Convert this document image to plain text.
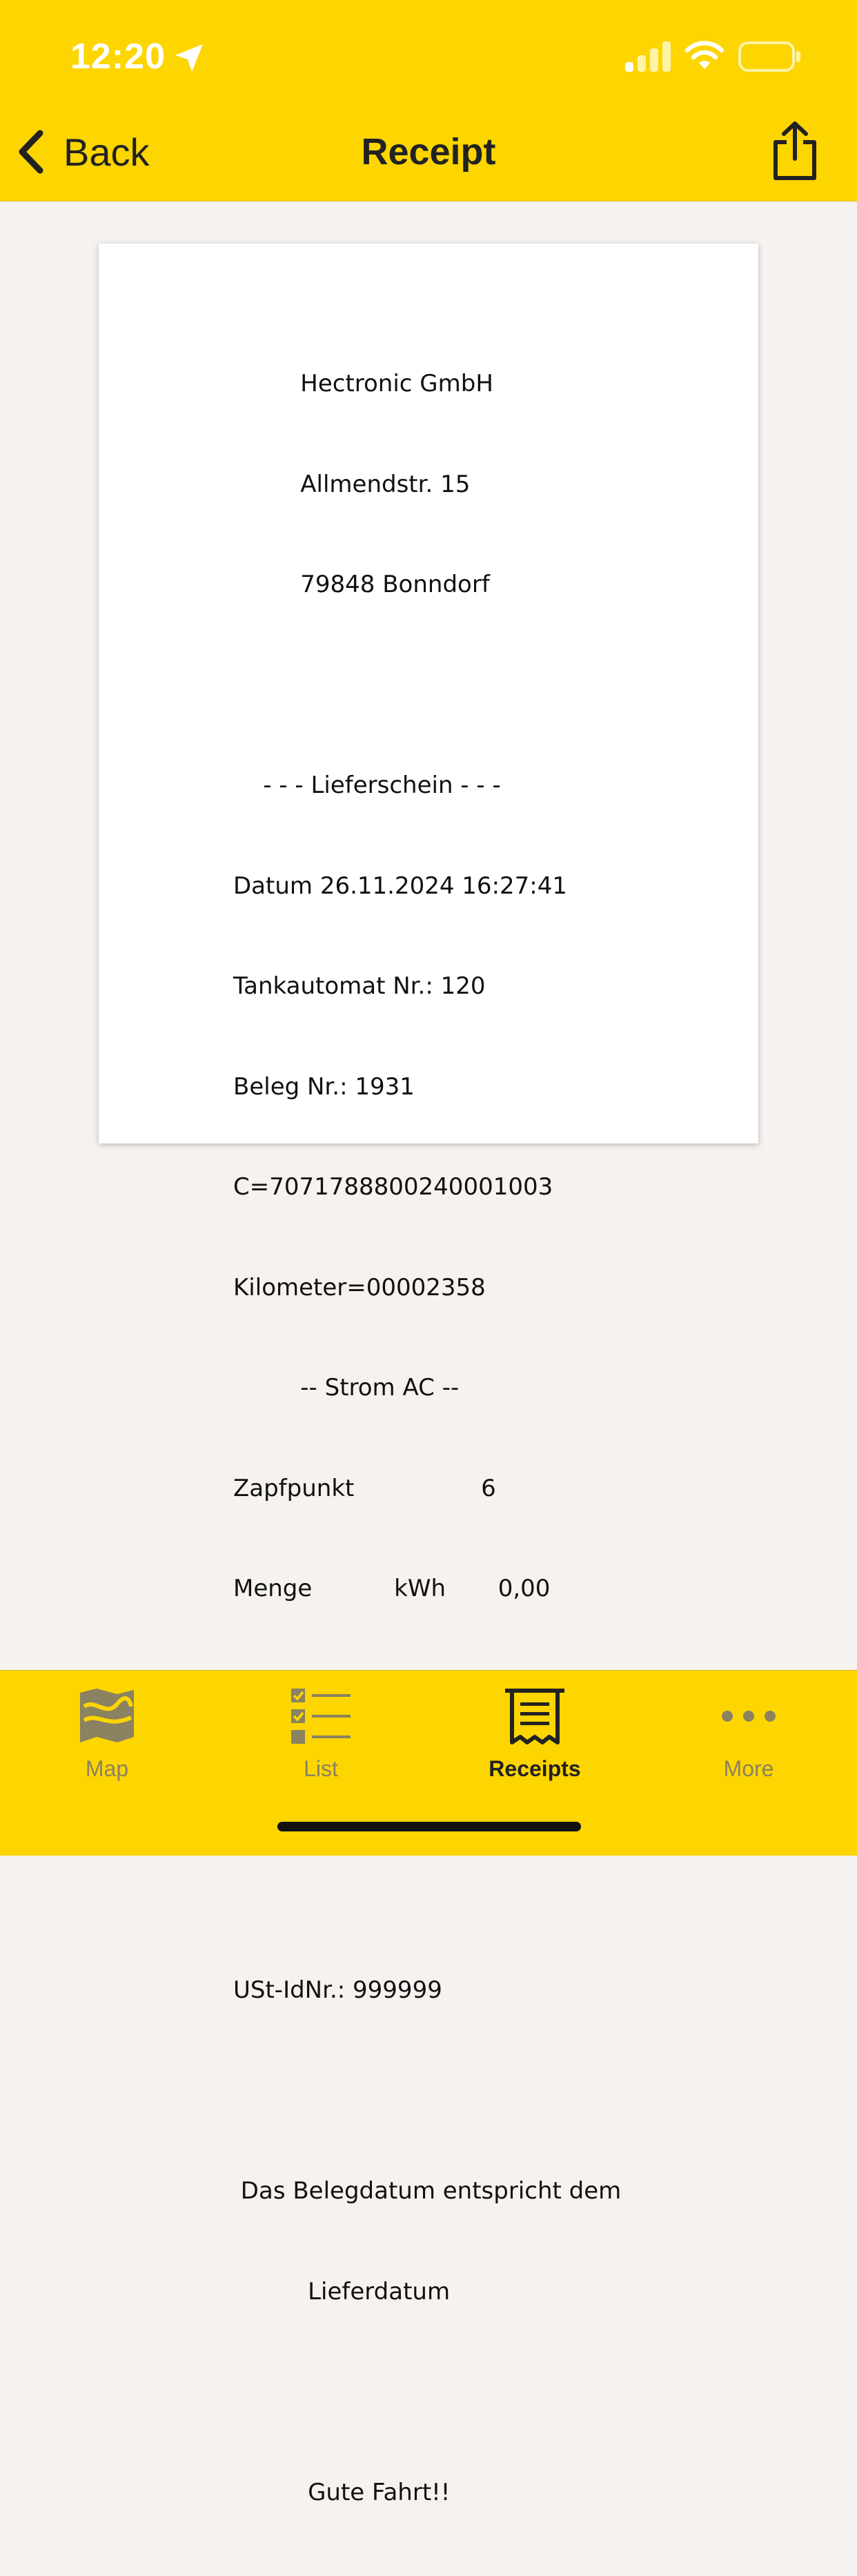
12:20
Back	Receipt

Hectronic GmbH

Allmendstr. 15

79848 Bonndorf

- - - Lieferschein - - -

Datum 26.11.2024 16:27:41

Tankautomat Nr.: 120

Beleg Nr.: 1931

C=7071788800240001003

Kilometer=00002358

-- Strom AC --

Zapfpunkt                 6

Menge           kWh       0,00

USt-IdNr.: 999999

Das Belegdatum entspricht dem

Lieferdatum

Gute Fahrt!!

Map	List	Receipts	More
